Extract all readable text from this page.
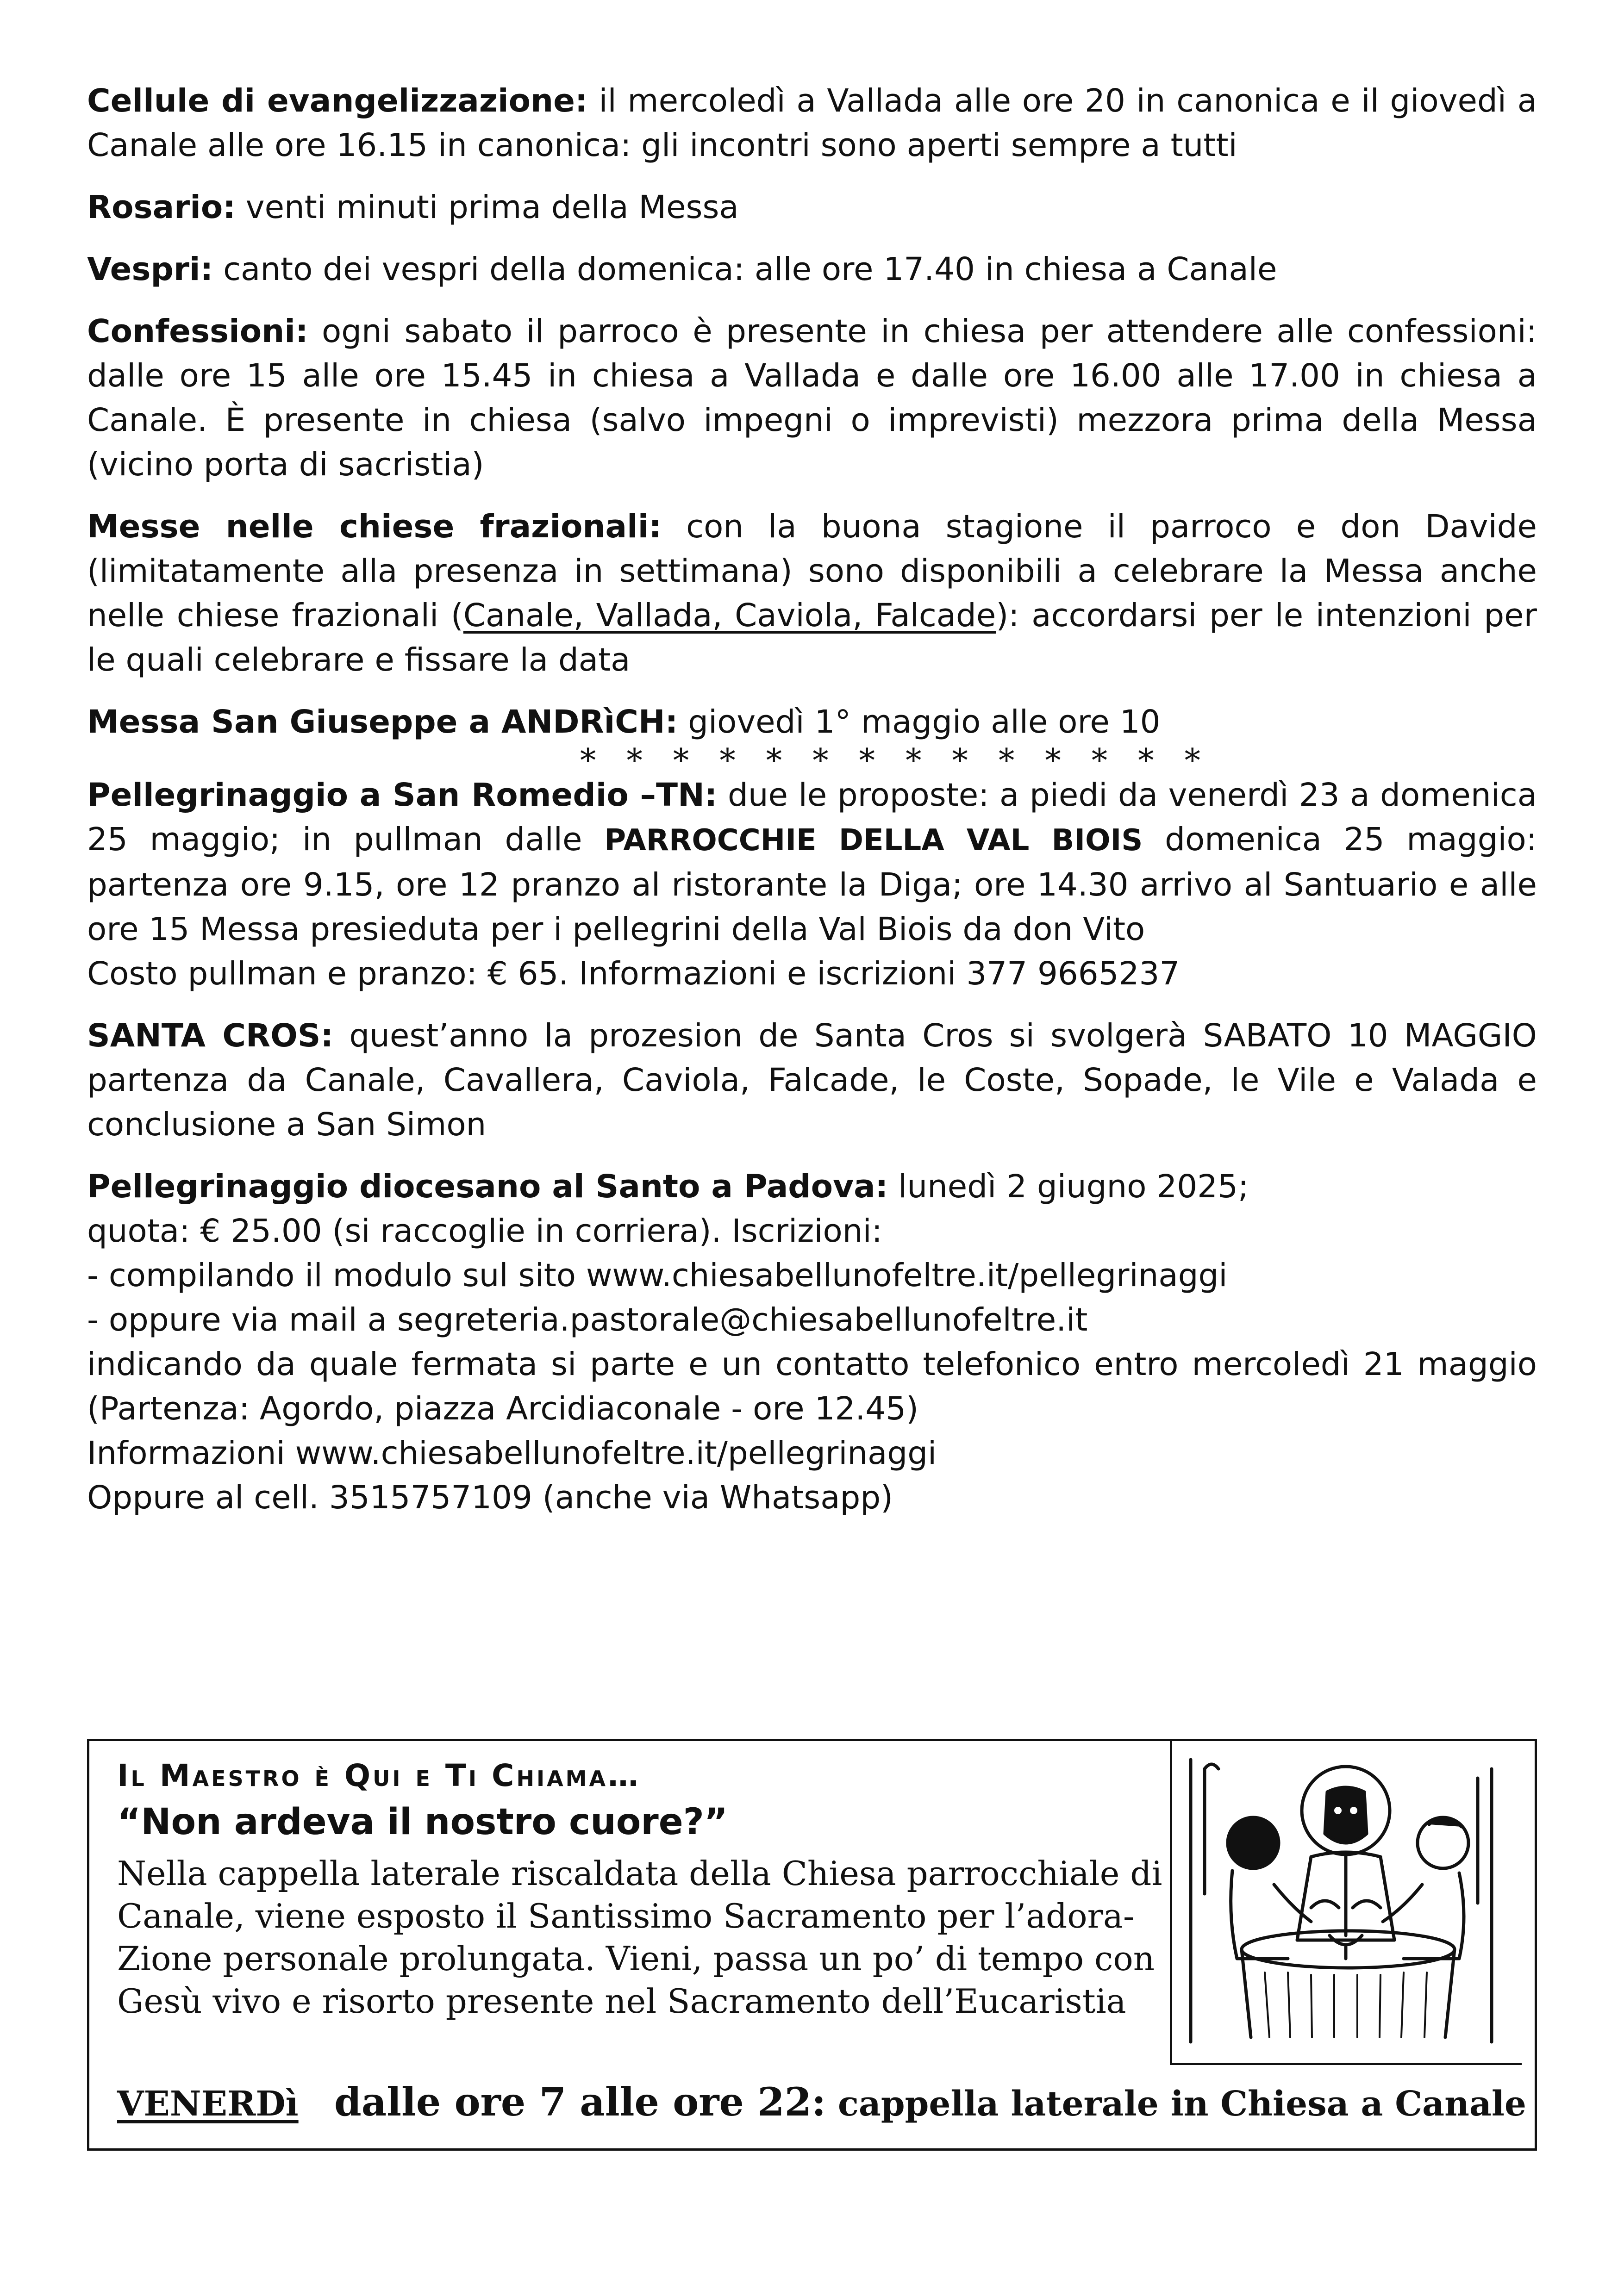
Cellule di evangelizzazione: il mercoledì a Vallada alle ore 20 in canonica e il giovedì a Canale alle ore 16.15 in canonica: gli incontri sono aperti sempre a tutti

Rosario: venti minuti prima della Messa

Vespri: canto dei vespri della domenica: alle ore 17.40 in chiesa a Canale

Confessioni: ogni sabato il parroco è presente in chiesa per attendere alle confessioni: dalle ore 15 alle ore 15.45 in chiesa a Vallada e dalle ore 16.00 alle 17.00 in chiesa a Canale. È presente in chiesa (salvo impegni o imprevisti) mezzora prima della Messa (vicino porta di sacristia)

Messe nelle chiese frazionali: con la buona stagione il parroco e don Davide (limitatamente alla presenza in settimana) sono disponibili a celebrare la Messa anche nelle chiese frazionali (Canale, Vallada, Caviola, Falcade): accordarsi per le intenzioni per le quali celebrare e fissare la data

Messa San Giuseppe a ANDRìCH: giovedì 1° maggio alle ore 10

* * * * * * * * * * * * * *

Pellegrinaggio a San Romedio –TN: due le proposte: a piedi da venerdì 23 a domenica 25 maggio; in pullman dalle PARROCCHIE DELLA VAL BIOIS domenica 25 maggio: partenza ore 9.15, ore 12 pranzo al ristorante la Diga; ore 14.30 arrivo al Santuario e alle ore 15 Messa presieduta per i pellegrini della Val Biois da don Vito

Costo pullman e pranzo: € 65. Informazioni e iscrizioni 377 9665237

SANTA CROS: quest’anno la prozesion de Santa Cros si svolgerà SABATO 10 MAGGIO partenza da Canale, Cavallera, Caviola, Falcade, le Coste, Sopade, le Vile e Valada e conclusione a San Simon

Pellegrinaggio diocesano al Santo a Padova: lunedì 2 giugno 2025;
quota: € 25.00 (si raccoglie in corriera). Iscrizioni:
- compilando il modulo sul sito www.chiesabellunofeltre.it/pellegrinaggi
- oppure via mail a segreteria.pastorale@chiesabellunofeltre.it
indicando da quale fermata si parte e un contatto telefonico entro mercoledì 21 maggio (Partenza: Agordo, piazza Arcidiaconale - ore 12.45)
Informazioni www.chiesabellunofeltre.it/pellegrinaggi
Oppure al cell. 3515757109 (anche via Whatsapp)
Il Maestro è Qui e Ti Chiama…
“Non ardeva il nostro cuore?”
Nella cappella laterale riscaldata della Chiesa parrocchiale di
Canale, viene esposto il Santissimo Sacramento per l’adora-
Zione personale prolungata. Vieni, passa un po’ di tempo con
Gesù vivo e risorto presente nel Sacramento dell’Eucaristia
VENERDì dalle ore 7 alle ore 22: cappella laterale in Chiesa a Canale
